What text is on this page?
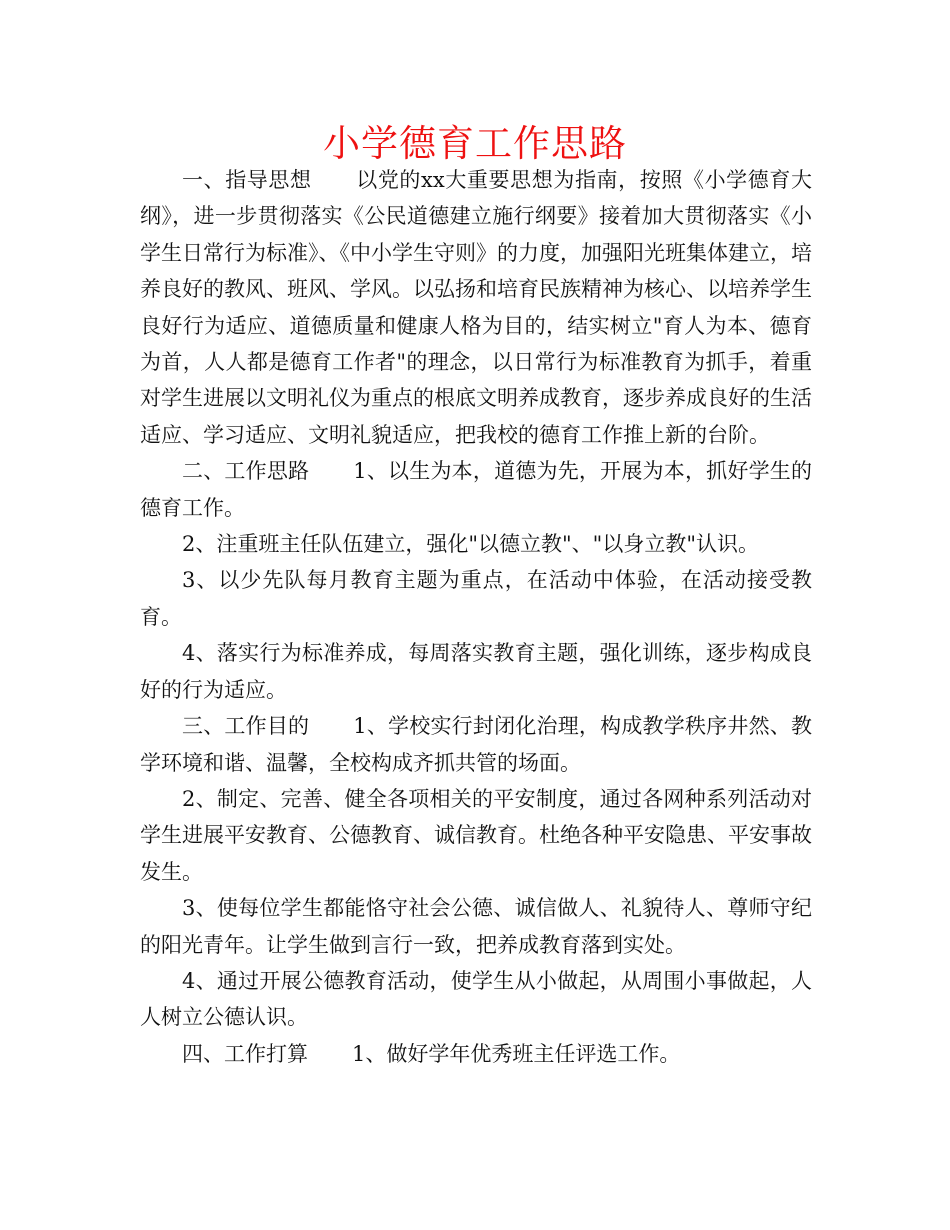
小学德育工作思路

一、指导思想 以党的xx大重要思想为指南，按照《小学德育大纲》，进一步贯彻落实《公民道德建立施行纲要》接着加大贯彻落实《小学生日常行为标准》、《中小学生守则》的力度，加强阳光班集体建立，培养良好的教风、班风、学风。以弘扬和培育民族精神为核心、以培养学生良好行为适应、道德质量和健康人格为目的，结实树立"育人为本、德育为首，人人都是德育工作者"的理念，以日常行为标准教育为抓手，着重对学生进展以文明礼仪为重点的根底文明养成教育，逐步养成良好的生活适应、学习适应、文明礼貌适应，把我校的德育工作推上新的台阶。

二、工作思路 1、以生为本，道德为先，开展为本，抓好学生的德育工作。

2、注重班主任队伍建立，强化"以德立教"、"以身立教"认识。

3、以少先队每月教育主题为重点，在活动中体验，在活动接受教育。

4、落实行为标准养成，每周落实教育主题，强化训练，逐步构成良好的行为适应。

三、工作目的 1、学校实行封闭化治理，构成教学秩序井然、教学环境和谐、温馨，全校构成齐抓共管的场面。

2、制定、完善、健全各项相关的平安制度，通过各网种系列活动对学生进展平安教育、公德教育、诚信教育。杜绝各种平安隐患、平安事故发生。

3、使每位学生都能恪守社会公德、诚信做人、礼貌待人、尊师守纪的阳光青年。让学生做到言行一致，把养成教育落到实处。

4、通过开展公德教育活动，使学生从小做起，从周围小事做起，人人树立公德认识。

四、工作打算 1、做好学年优秀班主任评选工作。
